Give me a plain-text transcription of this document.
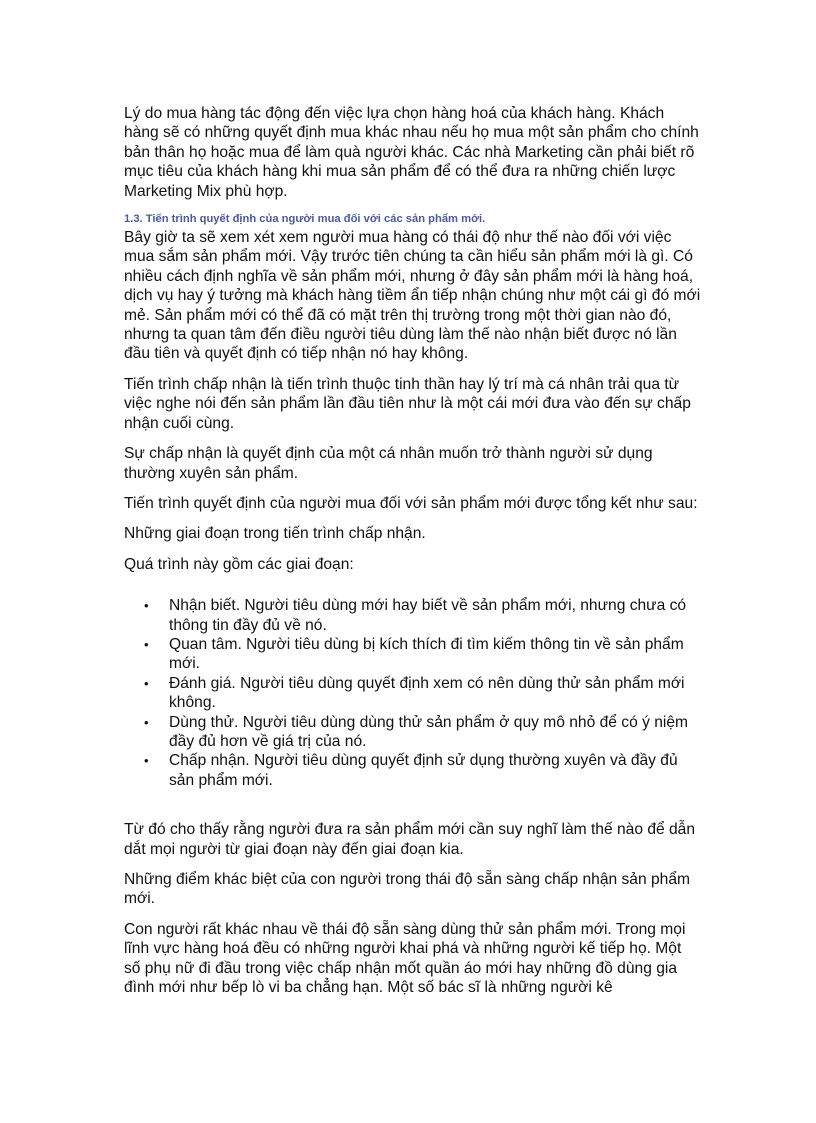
Lý do mua hàng tác động đến việc lựa chọn hàng hoá của khách hàng. Khách hàng sẽ có những quyết định mua khác nhau nếu họ mua một sản phẩm cho chính bản thân họ hoặc mua để làm quà người khác. Các nhà Marketing cần phải biết rõ mục tiêu của khách hàng khi mua sản phẩm để có thể đưa ra những chiến lược Marketing Mix phù hợp.

1.3. Tiến trình quyết định của người mua đối với các sản phẩm mới.

Bây giờ ta sẽ xem xét xem người mua hàng có thái độ như thế nào đối với việc mua sắm sản phẩm mới. Vậy trước tiên chúng ta cần hiểu sản phẩm mới là gì. Có nhiều cách định nghĩa về sản phẩm mới, nhưng ở đây sản phẩm mới là hàng hoá, dịch vụ hay ý tưởng mà khách hàng tiềm ẩn tiếp nhận chúng như một cái gì đó mới mẻ. Sản phẩm mới có thể đã có mặt trên thị trường trong một thời gian nào đó, nhưng ta quan tâm đến điều người tiêu dùng làm thế nào nhận biết được nó lần đầu tiên và quyết định có tiếp nhận nó hay không.

Tiến trình chấp nhận là tiến trình thuộc tinh thần hay lý trí mà cá nhân trải qua từ việc nghe nói đến sản phẩm lần đầu tiên như là một cái mới đưa vào đến sự chấp nhận cuối cùng.

Sự chấp nhận là quyết định của một cá nhân muốn trở thành người sử dụng thường xuyên sản phẩm.

Tiến trình quyết định của người mua đối với sản phẩm mới được tổng kết như sau:

Những giai đoạn trong tiến trình chấp nhận.

Quá trình này gồm các giai đoạn:

• Nhận biết. Người tiêu dùng mới hay biết về sản phẩm mới, nhưng chưa có thông tin đầy đủ về nó.
• Quan tâm. Người tiêu dùng bị kích thích đi tìm kiếm thông tin về sản phẩm mới.
• Đánh giá. Người tiêu dùng quyết định xem có nên dùng thử sản phẩm mới không.
• Dùng thử. Người tiêu dùng dùng thử sản phẩm ở quy mô nhỏ để có ý niệm đầy đủ hơn về giá trị của nó.
• Chấp nhận. Người tiêu dùng quyết định sử dụng thường xuyên và đầy đủ sản phẩm mới.

Từ đó cho thấy rằng người đưa ra sản phẩm mới cần suy nghĩ làm thế nào để dẫn dắt mọi người từ giai đoạn này đến giai đoạn kia.

Những điểm khác biệt của con người trong thái độ sẵn sàng chấp nhận sản phẩm mới.

Con người rất khác nhau về thái độ sẵn sàng dùng thử sản phẩm mới. Trong mọi lĩnh vực hàng hoá đều có những người khai phá và những người kế tiếp họ. Một số phụ nữ đi đầu trong việc chấp nhận mốt quần áo mới hay những đồ dùng gia đình mới như bếp lò vi ba chẳng hạn. Một số bác sĩ là những người kê
